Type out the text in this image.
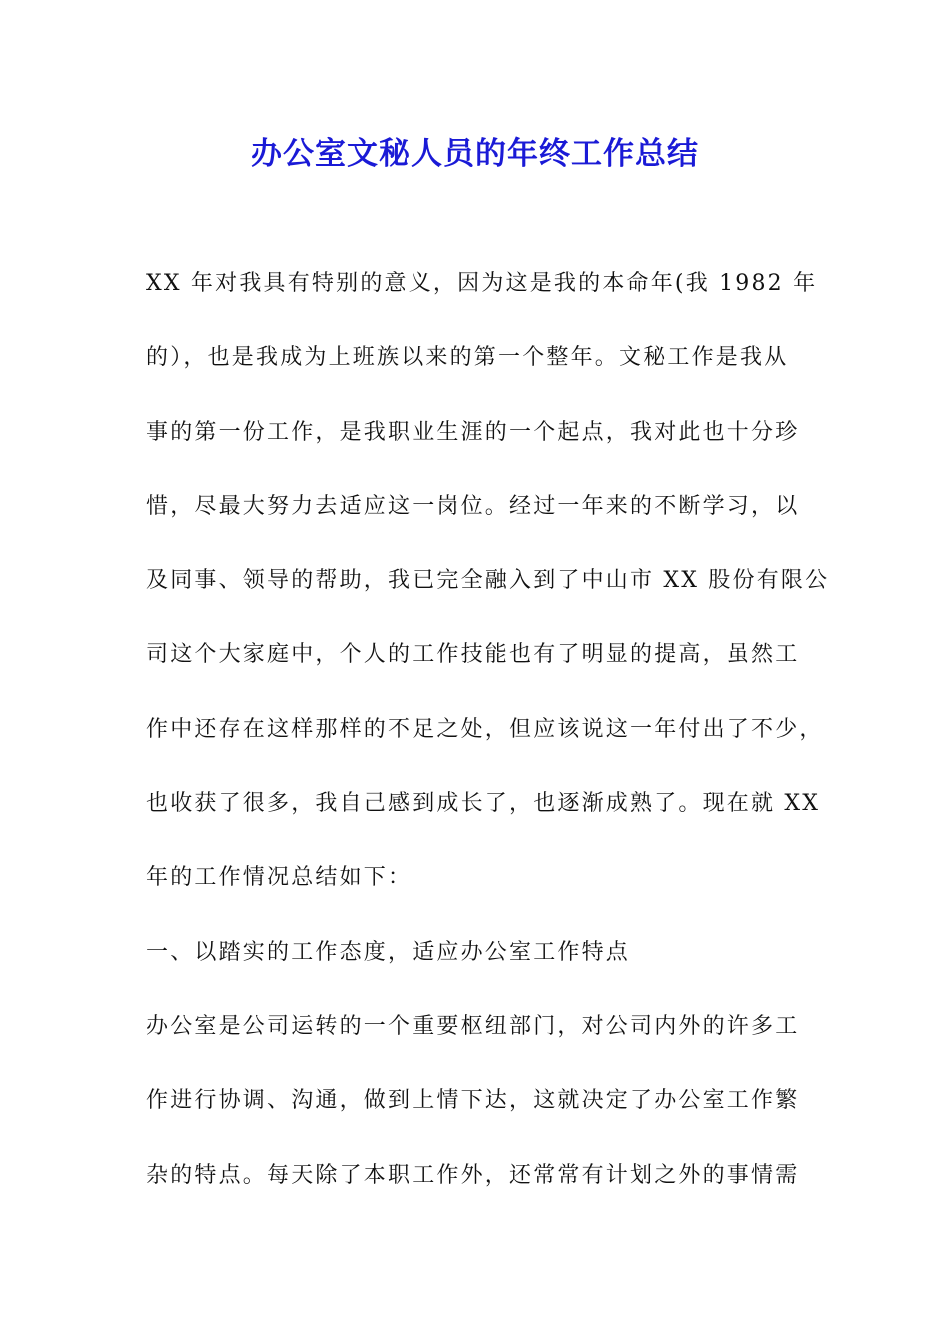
办公室文秘人员的年终工作总结
XX 年对我具有特别的意义，因为这是我的本命年(我 1982 年
的），也是我成为上班族以来的第一个整年。文秘工作是我从
事的第一份工作，是我职业生涯的一个起点，我对此也十分珍
惜，尽最大努力去适应这一岗位。经过一年来的不断学习，以
及同事、领导的帮助，我已完全融入到了中山市 XX 股份有限公
司这个大家庭中，个人的工作技能也有了明显的提高，虽然工
作中还存在这样那样的不足之处，但应该说这一年付出了不少，
也收获了很多，我自己感到成长了，也逐渐成熟了。现在就 XX
年的工作情况总结如下：
一、以踏实的工作态度，适应办公室工作特点
办公室是公司运转的一个重要枢纽部门，对公司内外的许多工
作进行协调、沟通，做到上情下达，这就决定了办公室工作繁
杂的特点。每天除了本职工作外，还常常有计划之外的事情需
